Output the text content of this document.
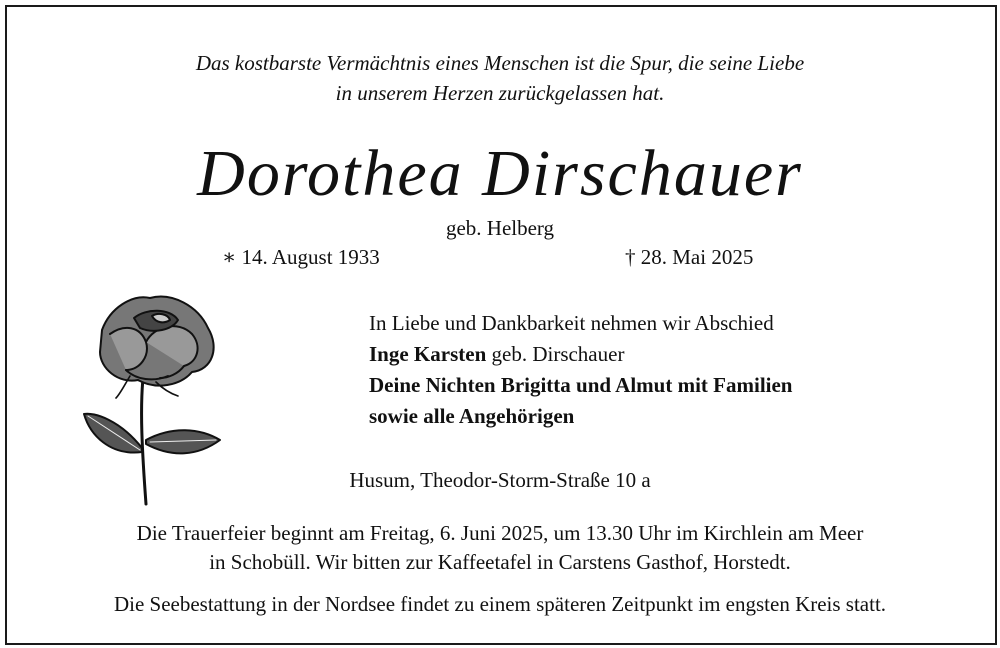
Das kostbarste Vermächtnis eines Menschen ist die Spur, die seine Liebe
in unserem Herzen zurückgelassen hat.
Dorothea Dirschauer
geb. Helberg
∗ 14. August 1933	† 28. Mai 2025
In Liebe und Dankbarkeit nehmen wir Abschied
Inge Karsten geb. Dirschauer
Deine Nichten Brigitta und Almut mit Familien
sowie alle Angehörigen
Husum, Theodor-Storm-Straße 10 a
Die Trauerfeier beginnt am Freitag, 6. Juni 2025, um 13.30 Uhr im Kirchlein am Meer
in Schobüll. Wir bitten zur Kaffeetafel in Carstens Gasthof, Horstedt.
Die Seebestattung in der Nordsee findet zu einem späteren Zeitpunkt im engsten Kreis statt.
